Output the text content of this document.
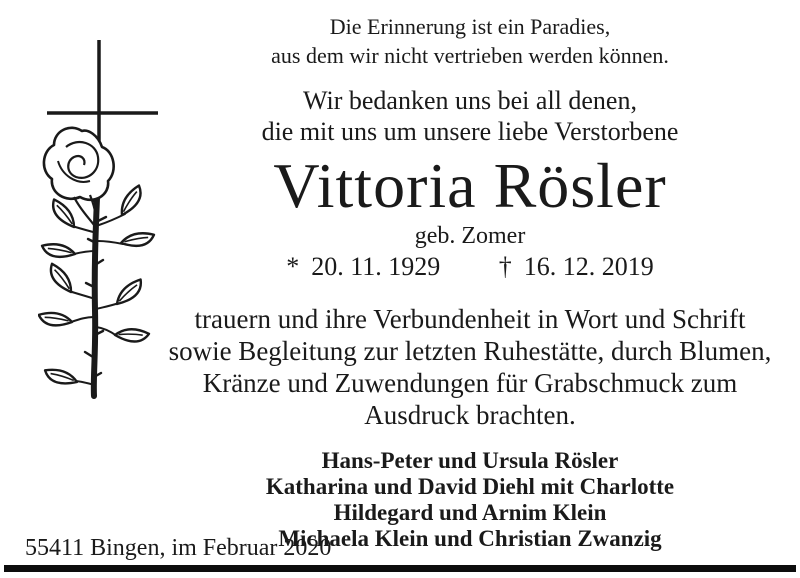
Die Erinnerung ist ein Paradies,
aus dem wir nicht vertrieben werden können.
Wir bedanken uns bei all denen,
die mit uns um unsere liebe Verstorbene
Vittoria Rösler
geb. Zomer
* 20. 11. 1929 † 16. 12. 2019
trauern und ihre Verbundenheit in Wort und Schrift
sowie Begleitung zur letzten Ruhestätte, durch Blumen,
Kränze und Zuwendungen für Grabschmuck zum
Ausdruck brachten.
Hans-Peter und Ursula Rösler
Katharina und David Diehl mit Charlotte
Hildegard und Arnim Klein
Michaela Klein und Christian Zwanzig
55411 Bingen, im Februar 2020
